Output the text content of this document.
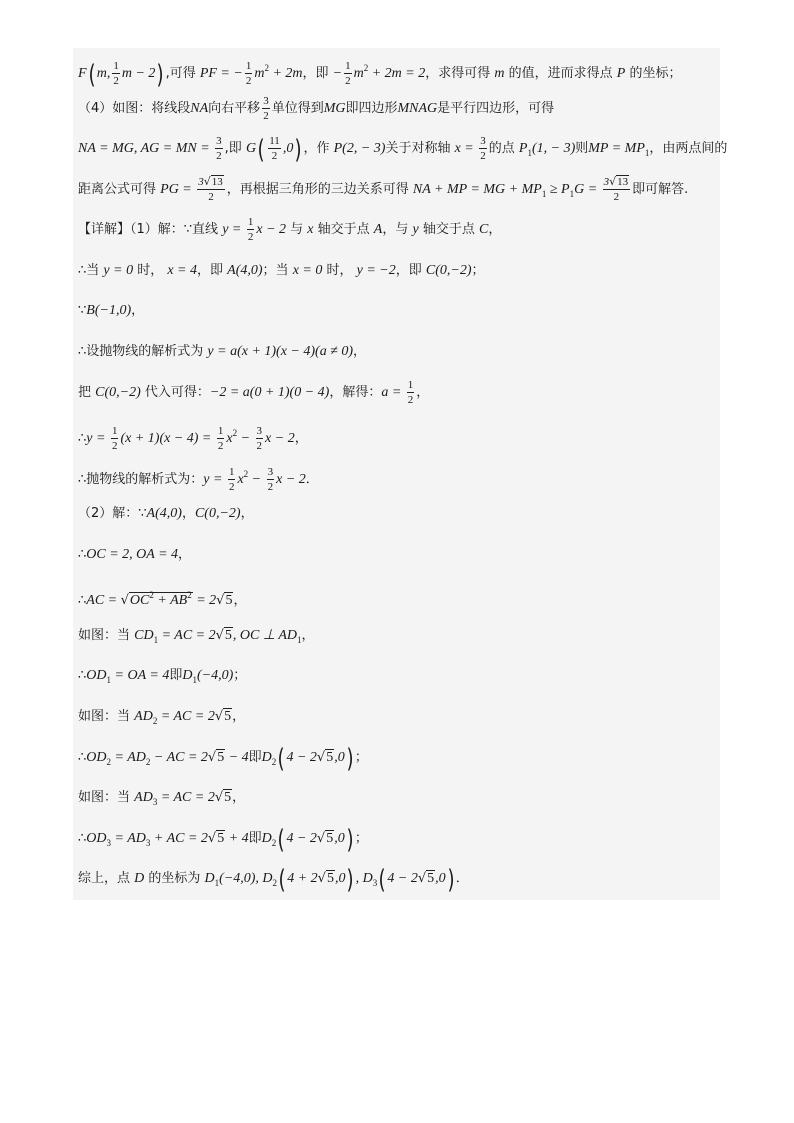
F( m, $\frac{1}{2}$ m − 2 ) ,可得 PF = − $\frac{1}{2} m^2 + 2m$，即 − $\frac{1}{2} m^2 + 2m = 2$，求得可得 m 的值，进而求得点 P 的坐标；
（4）如图：将线段NA向右平移 $\frac{3}{2}$ 单位得到MG即四边形MNAG是平行四边形，可得
NA = MG, AG = MN = $\frac{3}{2}$ ,即 G
( $\frac{11}{2} ,0$ ) ，作 P(2, − 3)关于对称轴 $x = \frac{3}{2}$ 的点 $P_1(1$, − 3)则MP = $MP_1$，由两点间的
距离公式可得 PG = $\frac{3√ 13}{2}$ ，再根据三角形的三边关系可得 NA + MP = MG + $MP_1 \ge P_1G = \frac{3√ 13}{2}$ 即可解答.
【详解】（1）解：∵直线 $y = \frac{1}{2}$ x − 2 与 x 轴交于点 A，与 y 轴交于点 C，
∴当 y = 0 时， x = 4，即 A(4,0)；当 x = 0 时， y = −2，即 C(0,−2)；
∵B(−1,0)，
∴设抛物线的解析式为 y = a(x + 1)(x − 4)(a ≠ 0)，
把 C(0,−2) 代入可得：−2 = a(0 + 1)(0 − 4)，解得：$a = \frac{1}{2}$ ，
∴y = $\frac{1}{2} (x + 1)(x - 4) = \frac{1}{2} x^2 - \frac{3}{2}$ x − 2，
∴抛物线的解析式为：$y = \frac{1}{2} x^2 - \frac{3}{2}$ x − 2．
（2）解：∵A(4,0)，C(0,−2)，
∴OC = 2, OA = 4，
∴AC = √ $OC^2 + AB^2 = 2√$ 5，
如图：当 $CD_1$ = AC = 2√ 5, OC ⊥ $AD_1$，
$\therefore OD_1$ = OA = 4即$D_1(-4,0)$；
如图：当 $AD_2$ = AC = 2√ 5，
$\therefore OD_2 = AD_2$ − AC = 2√ 5 − 4即$D_2$( 4 − 2√ 5,0 ) ；
如图：当 $AD_3$ = AC = 2√ 5，
$\therefore OD_3 = AD_3$ + AC = 2√ 5 + 4即$D_2$( 4 − 2√ 5,0 ) ；
综上，点 D 的坐标为 $D_1(-4,0)$, $D_2$( 4 + 2√ 5,0 ) , $D_3$( 4 − 2√ 5,0 ) ．
